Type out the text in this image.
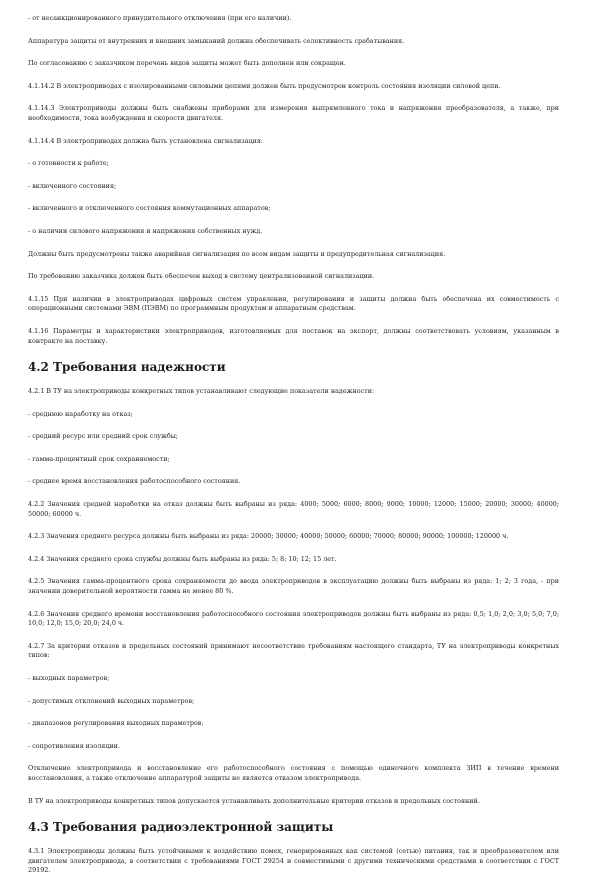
- от несанкционированного принудительного отключения (при его наличии).

Аппаратура защиты от внутренних и внешних замыканий должна обеспечивать селективность срабатывания.

По согласованию с заказчиком перечень видов защиты может быть дополнен или сокращен.

4.1.14.2 В электроприводах с изолированными силовыми цепями должен быть предусмотрен контроль состояния изоляции силовой цепи.

4.1.14.3 Электроприводы должны быть снабжены приборами для измерения выпрямленного тока и напряжения преобразователя, а также, при необходимости, тока возбуждения и скорости двигателя.

4.1.14.4 В электроприводах должна быть установлена сигнализация:

- о готовности к работе;

- включенного состояния;

- включенного и отключенного состояния коммутационных аппаратов;

- о наличии силового напряжения и напряжения собственных нужд.

Должны быть предусмотрены также аварийная сигнализация по всем видам защиты и предупредительная сигнализация.

По требованию заказчика должен быть обеспечен выход в систему централизованной сигнализации.

4.1.15 При наличии в электроприводах цифровых систем управления, регулирования и защиты должна быть обеспечена их совместимость с операционными системами ЭВМ (ПЭВМ) по программным продуктам и аппаратным средствам.

4.1.16 Параметры и характеристики электроприводов, изготовляемых для поставок на экспорт, должны соответствовать условиям, указанным в контракте на поставку.

4.2 Требования надежности

4.2.1 В ТУ на электроприводы конкретных типов устанавливают следующие показатели надежности:

- среднюю наработку на отказ;

- средний ресурс или средний срок службы;

- гамма-процентный срок сохраняемости;

- среднее время восстановления работоспособного состояния.

4.2.2 Значения средней наработки на отказ должны быть выбраны из ряда: 4000; 5000; 6000; 8000; 9000; 10000; 12000; 15000; 20000; 30000; 40000; 50000; 60000 ч.

4.2.3 Значения среднего ресурса должны быть выбраны из ряда: 20000; 30000; 40000; 50000; 60000; 70000; 80000; 90000; 100000; 120000 ч.

4.2.4 Значения среднего срока службы должны быть выбраны из ряда: 5; 8; 10; 12; 15 лет.

4.2.5 Значения гамма-процентного срока сохраняемости до ввода электроприводов в эксплуатацию должны быть выбраны из ряда: 1; 2; 3 года, - при значении доверительной вероятности гамма не менее 80 %.

4.2.6 Значения среднего времени восстановления работоспособного состояния электроприводов должны быть выбраны из ряда: 0,5; 1,0; 2,0; 3,0; 5,0; 7,0; 10,0; 12,0; 15,0; 20,0; 24,0 ч.

4.2.7 За критерии отказов и предельных состояний принимают несоответствие требованиям настоящего стандарта, ТУ на электроприводы конкретных типов:

- выходных параметров;

- допустимых отклонений выходных параметров;

- диапазонов регулирования выходных параметров;

- сопротивления изоляции.

Отключение электропривода и восстановление его работоспособного состояния с помощью одиночного комплекта ЗИП в течение времени восстановления, а также отключение аппаратурой защиты не является отказом электропривода.

В ТУ на электроприводы конкретных типов допускается устанавливать дополнительные критерии отказов и предельных состояний.

4.3 Требования радиоэлектронной защиты

4.3.1 Электроприводы должны быть устойчивыми к воздействию помех, генерированных как системой (сетью) питания, так и преобразователем или двигателем электропривода, в соответствии с требованиями ГОСТ 29254 и совместимыми с другими техническими средствами в соответствии с ГОСТ 29192.
